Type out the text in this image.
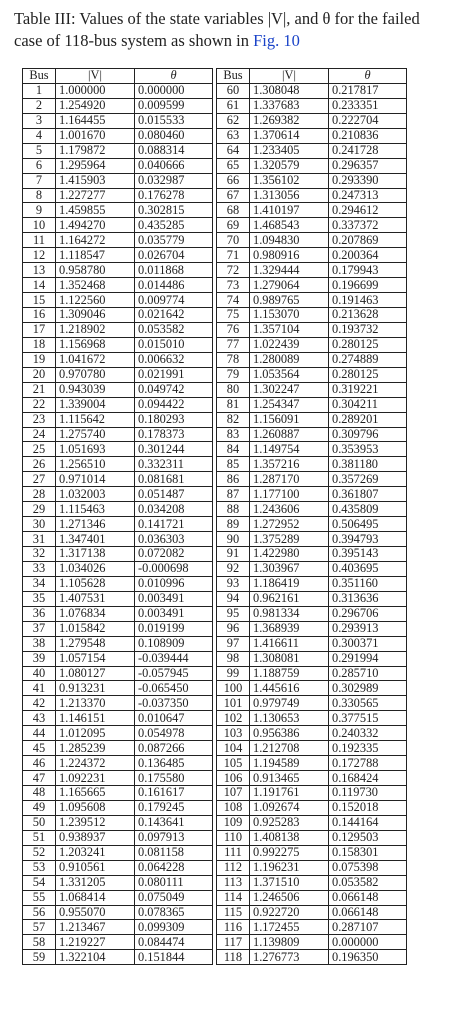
Table III: Values of the state variables |V|, and θ for the failed case of 118-bus system as shown in Fig. 10
Bus	|V|	θ		Bus	|V|	θ
1	1.000000	0.000000		60	1.308048	0.217817
2	1.254920	0.009599		61	1.337683	0.233351
3	1.164455	0.015533		62	1.269382	0.222704
4	1.001670	0.080460		63	1.370614	0.210836
5	1.179872	0.088314		64	1.233405	0.241728
6	1.295964	0.040666		65	1.320579	0.296357
7	1.415903	0.032987		66	1.356102	0.293390
8	1.227277	0.176278		67	1.313056	0.247313
9	1.459855	0.302815		68	1.410197	0.294612
10	1.494270	0.435285		69	1.468543	0.337372
11	1.164272	0.035779		70	1.094830	0.207869
12	1.118547	0.026704		71	0.980916	0.200364
13	0.958780	0.011868		72	1.329444	0.179943
14	1.352468	0.014486		73	1.279064	0.196699
15	1.122560	0.009774		74	0.989765	0.191463
16	1.309046	0.021642		75	1.153070	0.213628
17	1.218902	0.053582		76	1.357104	0.193732
18	1.156968	0.015010		77	1.022439	0.280125
19	1.041672	0.006632		78	1.280089	0.274889
20	0.970780	0.021991		79	1.053564	0.280125
21	0.943039	0.049742		80	1.302247	0.319221
22	1.339004	0.094422		81	1.254347	0.304211
23	1.115642	0.180293		82	1.156091	0.289201
24	1.275740	0.178373		83	1.260887	0.309796
25	1.051693	0.301244		84	1.149754	0.353953
26	1.256510	0.332311		85	1.357216	0.381180
27	0.971014	0.081681		86	1.287170	0.357269
28	1.032003	0.051487		87	1.177100	0.361807
29	1.115463	0.034208		88	1.243606	0.435809
30	1.271346	0.141721		89	1.272952	0.506495
31	1.347401	0.036303		90	1.375289	0.394793
32	1.317138	0.072082		91	1.422980	0.395143
33	1.034026	-0.000698		92	1.303967	0.403695
34	1.105628	0.010996		93	1.186419	0.351160
35	1.407531	0.003491		94	0.962161	0.313636
36	1.076834	0.003491		95	0.981334	0.296706
37	1.015842	0.019199		96	1.368939	0.293913
38	1.279548	0.108909		97	1.416611	0.300371
39	1.057154	-0.039444		98	1.308081	0.291994
40	1.080127	-0.057945		99	1.188759	0.285710
41	0.913231	-0.065450		100	1.445616	0.302989
42	1.213370	-0.037350		101	0.979749	0.330565
43	1.146151	0.010647		102	1.130653	0.377515
44	1.012095	0.054978		103	0.956386	0.240332
45	1.285239	0.087266		104	1.212708	0.192335
46	1.224372	0.136485		105	1.194589	0.172788
47	1.092231	0.175580		106	0.913465	0.168424
48	1.165665	0.161617		107	1.191761	0.119730
49	1.095608	0.179245		108	1.092674	0.152018
50	1.239512	0.143641		109	0.925283	0.144164
51	0.938937	0.097913		110	1.408138	0.129503
52	1.203241	0.081158		111	0.992275	0.158301
53	0.910561	0.064228		112	1.196231	0.075398
54	1.331205	0.080111		113	1.371510	0.053582
55	1.068414	0.075049		114	1.246506	0.066148
56	0.955070	0.078365		115	0.922720	0.066148
57	1.213467	0.099309		116	1.172455	0.287107
58	1.219227	0.084474		117	1.139809	0.000000
59	1.322104	0.151844		118	1.276773	0.196350
